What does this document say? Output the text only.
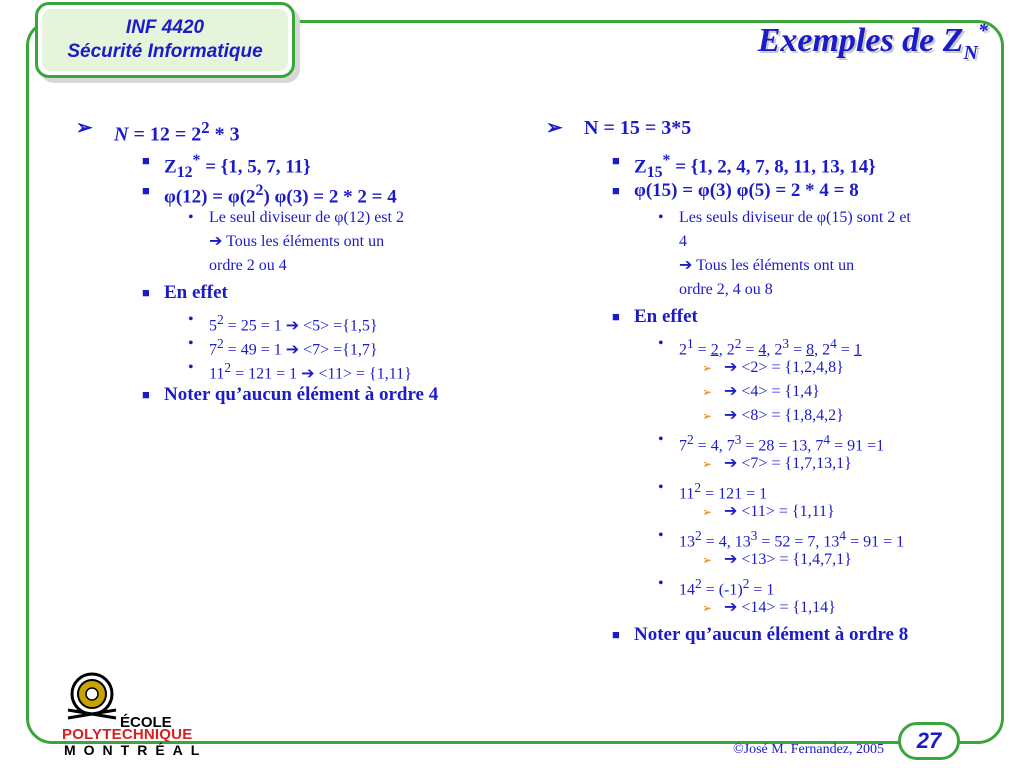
INF 4420
Sécurité Informatique	Exemples de $Z_N^*$
➢ $N = 12 = 2^2 * 3$
■ $Z_{12}^* = \{1$, 5, 7, 11}
■ $\varphi(12) = \varphi(2^2) \varphi(3) = 2 * 2 = 4$
• Le seul diviseur de φ(12) est 2
➔ Tous les éléments ont un
ordre 2 ou 4
■ En effet
• $5^2 = 25 = 1$ ➔ <5> ={1,5}
• $7^2 = 49 = 1$ ➔ <7> ={1,7}
• $11^2 = 121 = 1$ ➔ <11> = {1,11}
■ Noter qu’aucun élément à ordre 4
➢ N = 15 = 3*5
■ $Z_{15}^* = \{1$, 2, 4, 7, 8, 11, 13, 14}
■ φ(15) = φ(3) φ(5) = 2 * 4 = 8
• Les seuls diviseur de φ(15) sont 2 et
4
➔ Tous les éléments ont un
ordre 2, 4 ou 8
■ En effet
• $2^1 = 2$, $2^2 = 4$, $2^3 = 8$, $2^4 = 1$
➢ ➔ <2> = {1,2,4,8}
➢ ➔ <4> = {1,4}
➢ ➔ <8> = {1,8,4,2}
• $7^2 = 4$, $7^3 = 28 = 13$, $7^4 = 91 =1$
➢ ➔ <7> = {1,7,13,1}
• $11^2 = 121 = 1$
➢ ➔ <11> = {1,11}
• $13^2 = 4$, $13^3 = 52 = 7$, $13^4 = 91 = 1$
➢ ➔ <13> = {1,4,7,1}
• $14^2 = (-1)^2 = 1$
➢ ➔ <14> = {1,14}
■ Noter qu’aucun élément à ordre 8
ÉCOLE
POLYTECHNIQUE
MONTRÉAL	©José M. Fernandez, 2005 27
